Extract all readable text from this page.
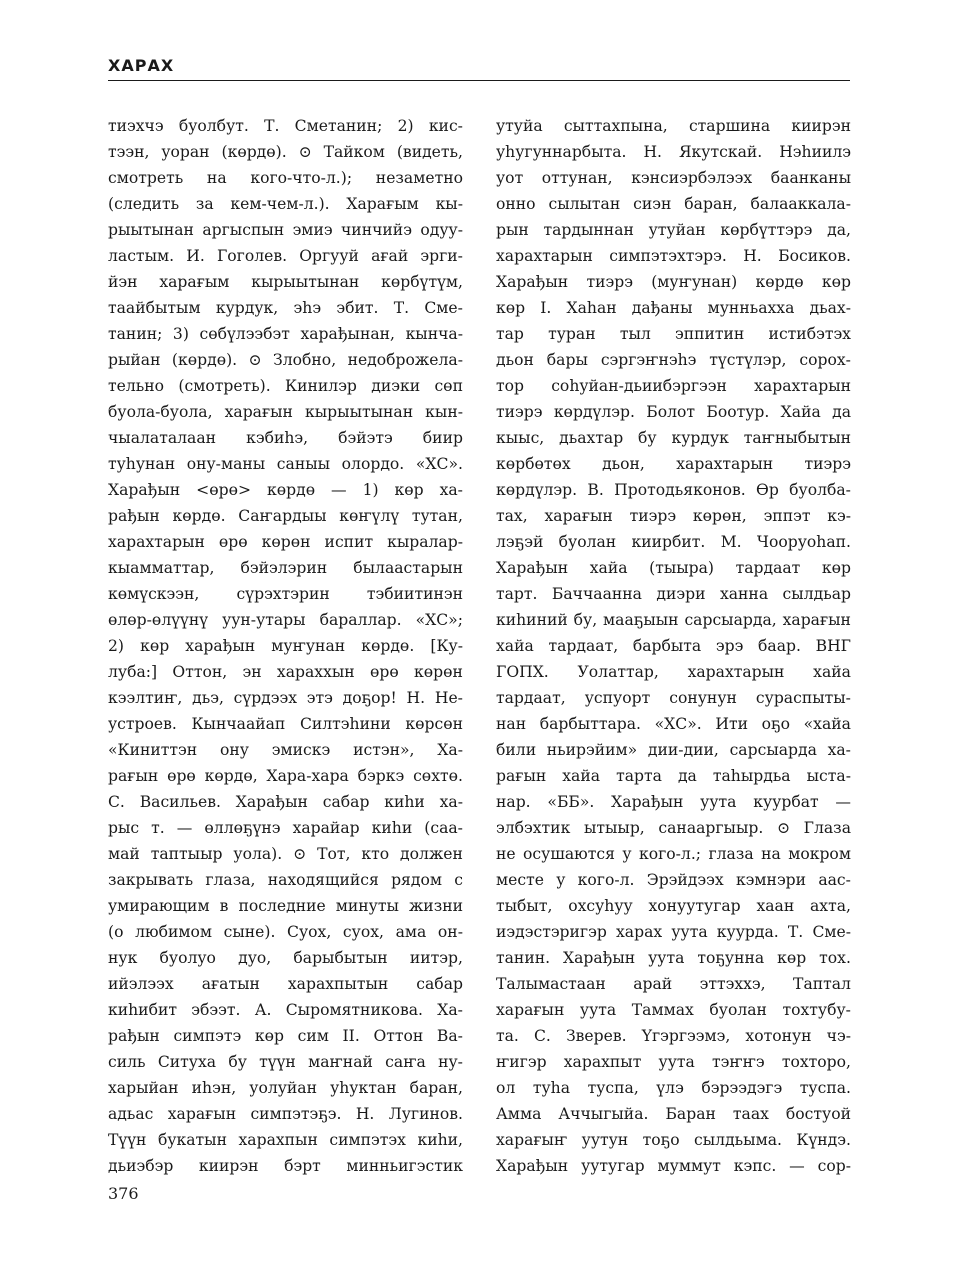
ХАРАХ
тиэхчэ буолбут. Т. Сметанин; 2) кис-
тээн, уоран (көрдө). ⊙ Тайком (видеть,
смотреть на кого-что-л.); незаметно
(следить за кем-чем-л.). Харағым кы-
рыытынан аргыспын эмиэ чинчийэ одуу-
ластым. И. Гоголев. Оргууй ағай эрги-
йэн харағым кырыытынан көрбүтүм,
таайбытым курдук, эһэ эбит. Т. Сме-
танин; 3) сөбүлээбэт харађынан, кынча-
рыйан (көрдө). ⊙ Злобно, недоброжела-
тельно (смотреть). Кинилэр диэки сөп
буола-буола, харағын кырыытынан кын-
чыалаталаан кэбиһэ, бэйэтэ биир
туһунан ону-маны саныы олордо. «ХС».
Харађын <өрө> көрдө — 1) көр ха-
рађын көрдө. Саҥардыы көҥүлү тутан,
харахтарын өрө көрөн испит кыралар-
кыамматтар, бэйэлэрин былаастарын
көмүскээн, сүрэхтэрин тэбиитинэн
өлөр-өлүүнү уун-утары бараллар. «ХС»;
2) көр харађын муҥунан көрдө. [Ку-
луба:] Оттон, эн хараххын өрө көрөн
кээлтиҥ, дьэ, сүрдээх этэ доҕор! Н. Не-
устроев. Кынчаайап Силтэһини көрсөн
«Киниттэн ону эмискэ истэн», Ха-
рағын өрө көрдө, Хара-хара бэркэ сөхтө.
С. Васильев. Харађын сабар киһи ха-
рыс т. — өллөҕүнэ харайар киһи (саа-
май таптыыр уола). ⊙ Тот, кто должен
закрывать глаза, находящийся рядом с
умирающим в последние минуты жизни
(о любимом сыне). Суох, суох, ама он-
нук буолуо дуо, барыбытын иитэр,
ийэлээх ағатын харахпытын сабар
киһибит эбээт. А. Сыромятникова. Ха-
рађын симпэтэ көр сим II. Оттон Ва-
силь Ситуха бу түүн маҥнай саҥа ну-
харыйан иһэн, уолуйан уһуктан баран,
адьас харағын симпэтэҕэ. Н. Лугинов.
Түүн букатын харахпын симпэтэх киһи,
дьиэбэр киирэн бэрт минньигэстик
утуйа сыттахпына, старшина киирэн
уһугуннарбыта. Н. Якутскай. Нэһиилэ
уот оттунан, кэнсиэрбэлээх баанканы
онно сылытан сиэн баран, балааккала-
рын тардыннан утуйан көрбүттэрэ да,
харахтарын симпэтэхтэрэ. Н. Босиков.
Харађын тиэрэ (муҥунан) көрдө көр
көр I. Хаһан дађаны мунньахха дьах-
тар туран тыл эппитин истибэтэх
дьон бары сэргэҥнэһэ түстүлэр, сорох-
тор соһуйан-дьиибэргээн харахтарын
тиэрэ көрдүлэр. Болот Боотур. Хайа да
кыыс, дьахтар бу курдук таҥныбытын
көрбөтөх дьон, харахтарын тиэрэ
көрдүлэр. В. Протодьяконов. Өр буолба-
тах, харағын тиэрэ көрөн, эппэт кэ-
лэҕэй буолан киирбит. М. Чооруоһап.
Харађын хайа (тыыра) тардаат көр
тарт. Баччаанна диэри ханна сылдьар
киһиний бу, мааҕыын сарсыарда, харағын
хайа тардаат, барбыта эрэ баар. ВНГ
ГОПХ. Уолаттар, харахтарын хайа
тардаат, успуорт сонунун сураспыты-
нан барбыттара. «ХС». Ити оҕо «хайа
били ньирэйим» дии-дии, сарсыарда ха-
рағын хайа тарта да таһырдьа ыста-
нар. «ББ». Харађын уута куурбат —
элбэхтик ытыыр, санааргыыр. ⊙ Глаза
не осушаются у кого-л.; глаза на мокром
месте у кого-л. Эрэйдээх кэмнэри аас-
тыбыт, охсуһуу хонуутугар хаан ахта,
иэдэстэригэр харах уута куурда. Т. Сме-
танин. Харађын уута тоҕунна көр тох.
Талымастаан арай эттэххэ, Таптал
харағын уута Таммах буолан тохтубу-
та. С. Зверев. Үгэргээмэ, хотонун чэ-
ҥигэр харахпыт уута тэҥҥэ тохторо,
ол туһа туспа, үлэ бэрээдэгэ туспа.
Амма Аччыгыйа. Баран таах бостуой
харағыҥ уутун тоҕо сылдьыма. Күндэ.
Харађын уутугар муммут кэпс. — сор-
376
